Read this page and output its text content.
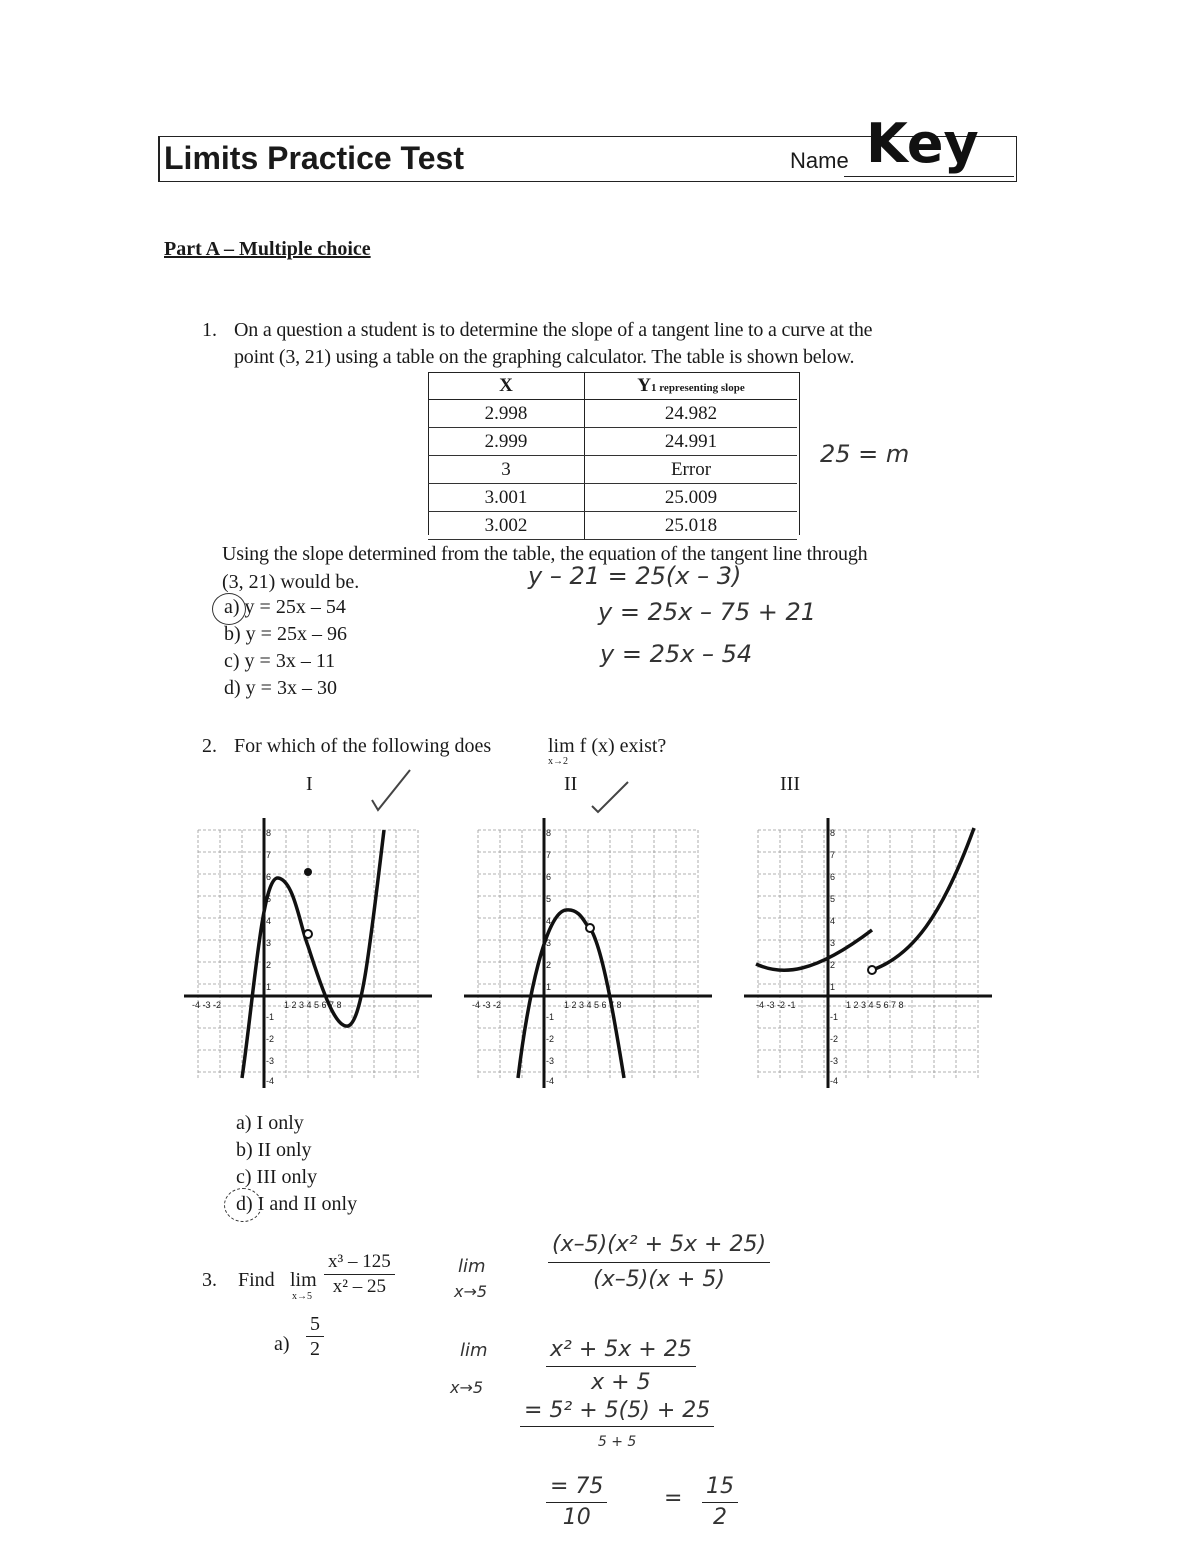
Limits Practice Test	Name Key
Part A – Multiple choice
1. On a question a student is to determine the slope of a tangent line to a curve at the
point (3, 21) using a table on the graphing calculator. The table is shown below.
X	Y1 representing slope
2.998	24.982
2.999	24.991
3	Error
3.001	25.009
3.002	25.018
25 = m
Using the slope determined from the table, the equation of the tangent line through
(3, 21) would be.
a) y = 25x – 54
b) y = 25x – 96
c) y = 3x – 11
d) y = 3x – 30
y – 21 = 25(x – 3)
y = 25x – 75 + 21
y = 25x – 54
2. For which of the following does	lim f (x) exist?
x→2
I	II	III
-4 -3 -2	1 2 3 4 5 6 7 8
8
7
6
5
4
3
2
1
-1
-2
-3
-4
-4 -3 -2	1 2 3 4 5 6 7 8
8
7
6
5
4
3
2
1
-1
-2
-3
-4
-4 -3 -2 -1	1 2 3 4 5 6 7 8
8
7
6
5
4
3
2
1
-1
-2
-3
-4
a) I only
b) II only
c) III only
d) I and II only
3. Find lim
$x\to 5 \frac{\text{x³ – 125}}{\text{x² – 25}}$
$a) \frac{5}{2}$
lim
x→5	$\frac{\text{(x–5)(x² + 5x + 25)}}{(x-5)(x + 5)}$
lim
x→5	$\frac{\text{x² + 5x + 25}}{x + 5}$
= 5² + 5(5) + 25
5 + 5
$\frac{= 75}{10}$	= $\frac{15}{2}$
